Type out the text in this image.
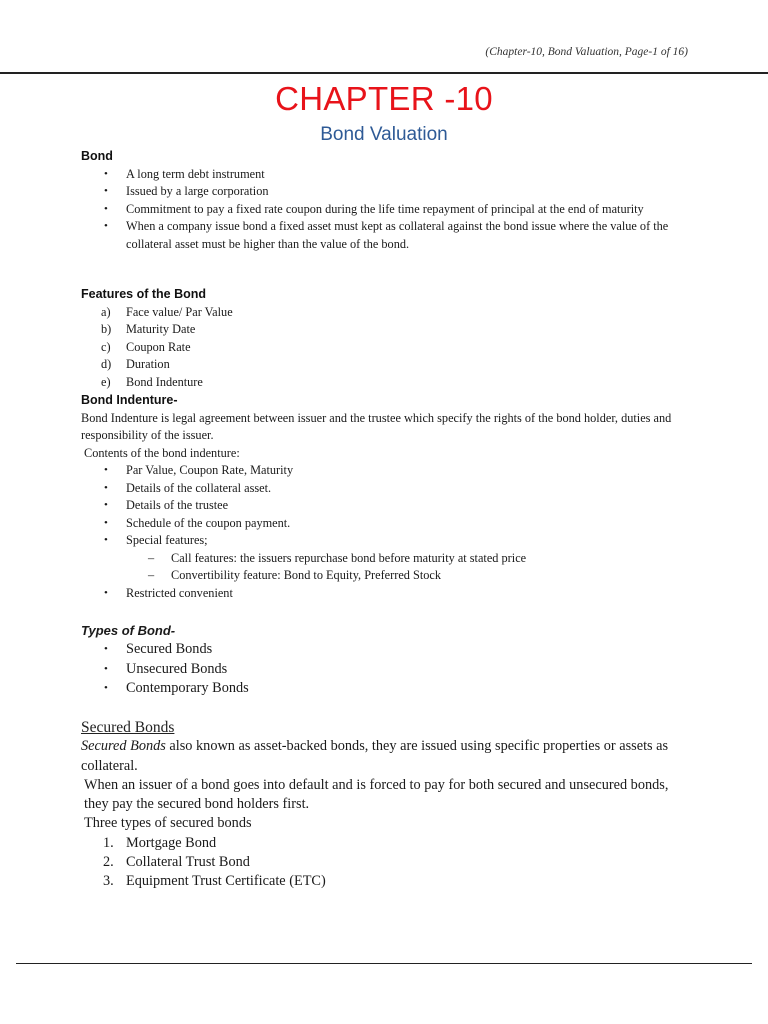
(Chapter-10, Bond Valuation, Page-1 of 16)
CHAPTER -10
Bond Valuation
Bond
• A long term debt instrument
• Issued by a large corporation
• Commitment to pay a fixed rate coupon during the life time repayment of principal at the end of maturity
• When a company issue bond a fixed asset must kept as collateral against the bond issue where the value of the collateral asset must be higher than the value of the bond.
Features of the Bond
a) Face value/ Par Value
b) Maturity Date
c) Coupon Rate
d) Duration
e) Bond Indenture
Bond Indenture-

Bond Indenture is legal agreement between issuer and the trustee which specify the rights of the bond holder, duties and responsibility of the issuer.

Contents of the bond indenture:

• Par Value, Coupon Rate, Maturity
• Details of the collateral asset.
• Details of the trustee
• Schedule of the coupon payment.
• Special features;
– Call features: the issuers repurchase bond before maturity at stated price
– Convertibility feature: Bond to Equity, Preferred Stock
• Restricted convenient
Types of Bond-
• Secured Bonds
• Unsecured Bonds
• Contemporary Bonds
Secured Bonds

Secured Bonds also known as asset-backed bonds, they are issued using specific properties or assets as collateral.

When an issuer of a bond goes into default and is forced to pay for both secured and unsecured bonds, they pay the secured bond holders first.

Three types of secured bonds

1. Mortgage Bond
2. Collateral Trust Bond
3. Equipment Trust Certificate (ETC)
